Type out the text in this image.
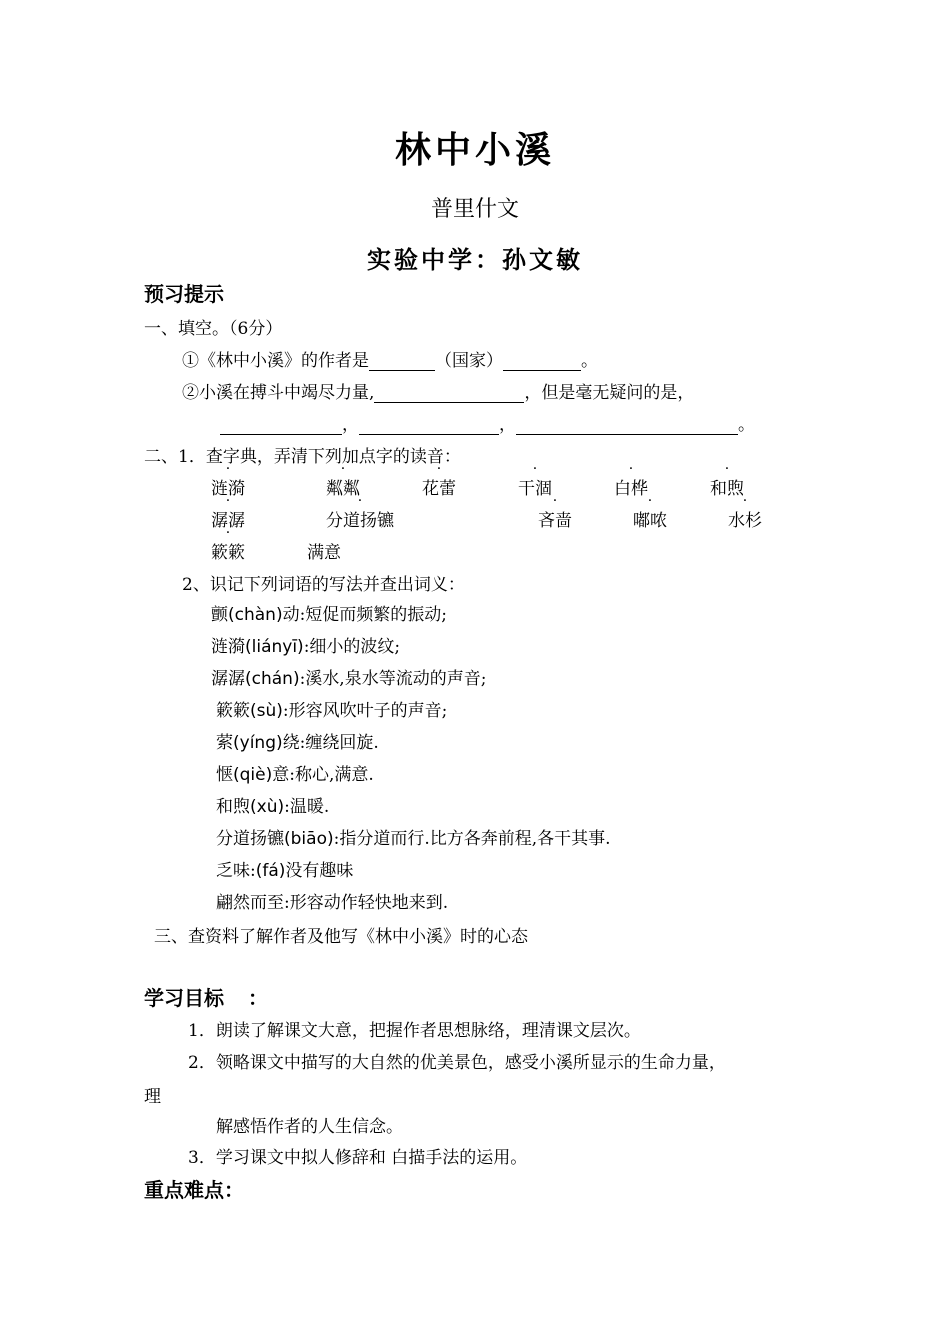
林中小溪
普里什文
实验中学：孙文敏
预习提示
一、填空。（6分）
①《林中小溪》的作者是	（国家）	。
②小溪在搏斗中竭尽力量,	，但是毫无疑问的是，
，	，	。
二、1．查字典，弄清下列加点字的读音：
涟漪	粼粼	花蕾	干涸	白桦	和煦
潺潺	分道扬镳	吝啬	嘟哝	水杉
簌簌	满意
2、识记下列词语的写法并查出词义：
颤(chàn)动:短促而频繁的振动;
涟漪(liányī):细小的波纹;
潺潺(chán):溪水,泉水等流动的声音;
簌簌(sù):形容风吹叶子的声音;
萦(yíng)绕:缠绕回旋.
惬(qiè)意:称心,满意.
和煦(xù):温暖.
分道扬镳(biāo):指分道而行.比方各奔前程,各干其事.
乏味:(fá)没有趣味
翩然而至:形容动作轻快地来到.
三、查资料了解作者及他写《林中小溪》时的心态
学习目标 ：
1．朗读了解课文大意，把握作者思想脉络，理清课文层次。
2．领略课文中描写的大自然的优美景色，感受小溪所显示的生命力量，
理
解感悟作者的人生信念。
3．学习课文中拟人修辞和 白描手法的运用。
重点难点：
